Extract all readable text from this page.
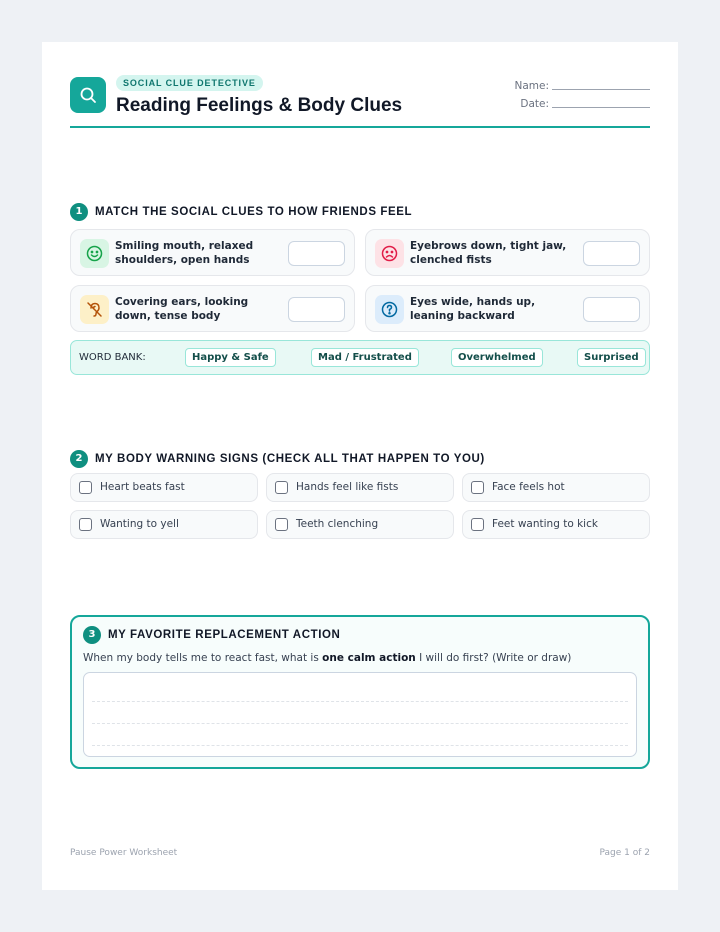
SOCIAL CLUE DETECTIVE
Reading Feelings & Body Clues
Name:
Date:
1	MATCH THE SOCIAL CLUES TO HOW FRIENDS FEEL
Smiling mouth, relaxed shoulders, open hands
Eyebrows down, tight jaw, clenched fists
Covering ears, looking down, tense body
Eyes wide, hands up, leaning backward
WORD BANK:	Happy & Safe	Mad / Frustrated	Overwhelmed	Surprised
2	MY BODY WARNING SIGNS (CHECK ALL THAT HAPPEN TO YOU)
Heart beats fast	Hands feel like fists	Face feels hot
Wanting to yell	Teeth clenching	Feet wanting to kick
3	MY FAVORITE REPLACEMENT ACTION
When my body tells me to react fast, what is one calm action I will do first? (Write or draw)
Pause Power Worksheet	Page 1 of 2
